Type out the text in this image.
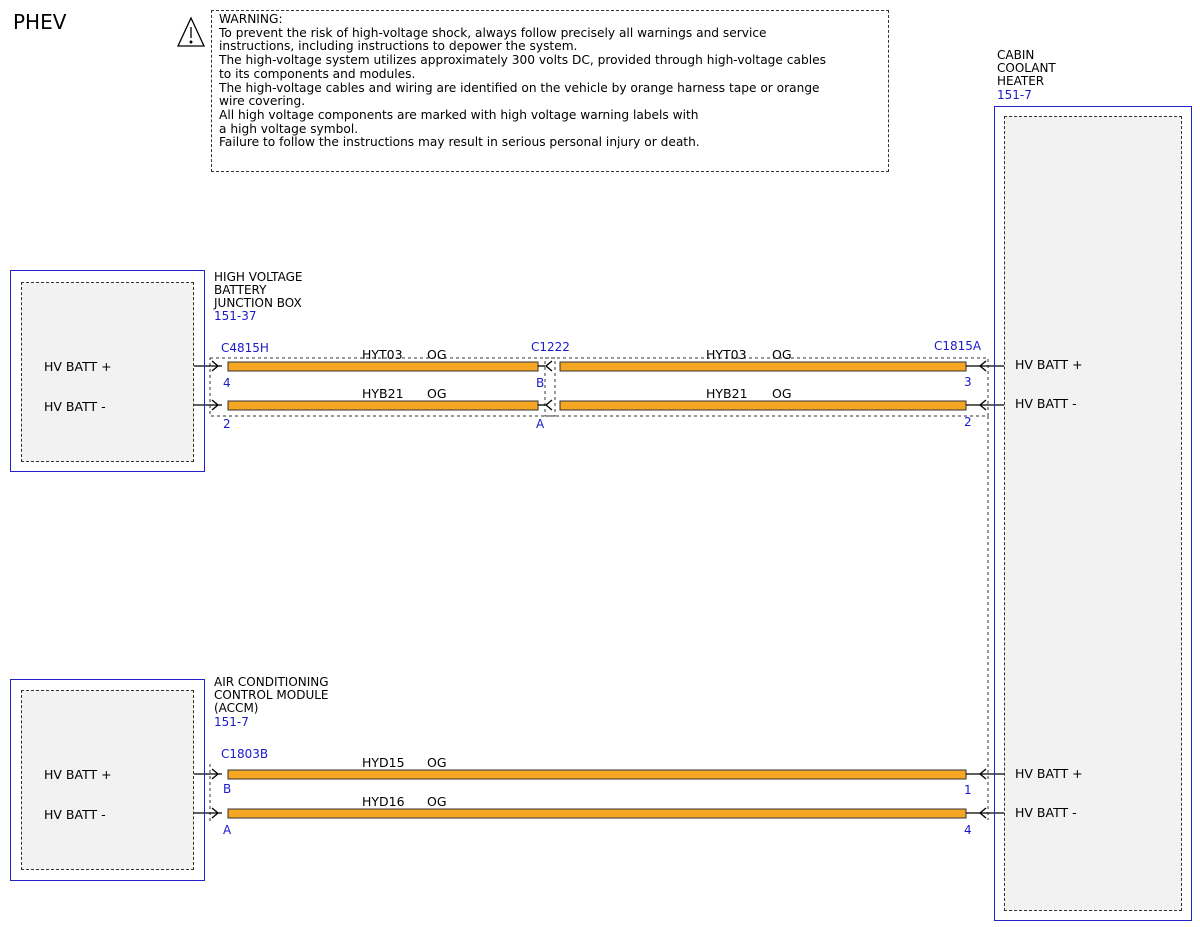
PHEV	WARNING:
To prevent the risk of high-voltage shock, always follow precisely all warnings and service
instructions, including instructions to depower the system.
The high-voltage system utilizes approximately 300 volts DC, provided through high-voltage cables
to its components and modules.
The high-voltage cables and wiring are identified on the vehicle by orange harness tape or orange
wire covering.
All high voltage components are marked with high voltage warning labels with
a high voltage symbol.
Failure to follow the instructions may result in serious personal injury or death.
HIGH VOLTAGE
BATTERY
JUNCTION BOX
151-37
HV BATT +
HV BATT -
AIR CONDITIONING
CONTROL MODULE
(ACCM)
151-7
HV BATT +
HV BATT -
CABIN
COOLANT
HEATER
151-7
HV BATT +
HV BATT -
HV BATT +
HV BATT -
C4815H	C1222	C1815A
C1803B
4
2
B
A
3
2
B
A
1
4
HYT03 OG
HYB21 OG
HYT03 OG
HYB21 OG
HYD15 OG
HYD16 OG
